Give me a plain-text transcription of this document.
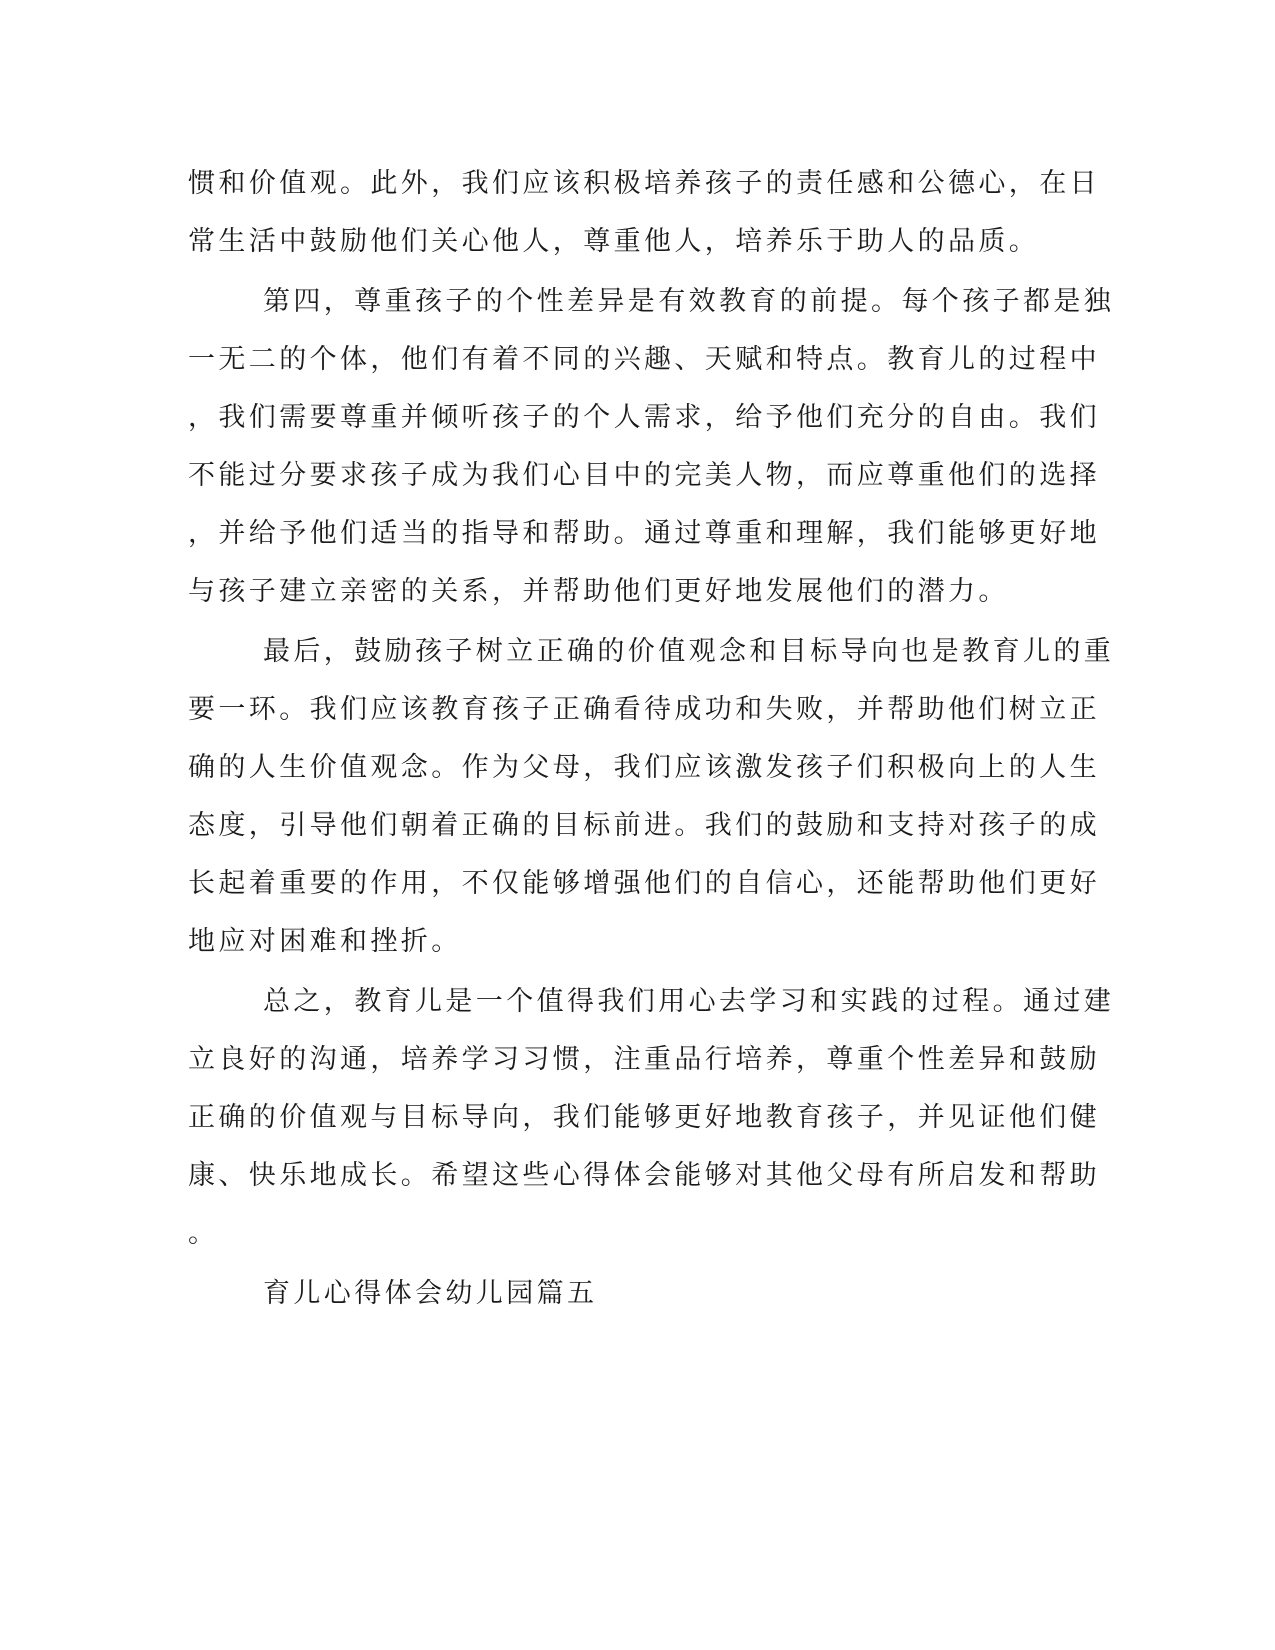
惯和价值观。此外，我们应该积极培养孩子的责任感和公德心，在日
常生活中鼓励他们关心他人，尊重他人，培养乐于助人的品质。
第四，尊重孩子的个性差异是有效教育的前提。每个孩子都是独
一无二的个体，他们有着不同的兴趣、天赋和特点。教育儿的过程中
，我们需要尊重并倾听孩子的个人需求，给予他们充分的自由。我们
不能过分要求孩子成为我们心目中的完美人物，而应尊重他们的选择
，并给予他们适当的指导和帮助。通过尊重和理解，我们能够更好地
与孩子建立亲密的关系，并帮助他们更好地发展他们的潜力。
最后，鼓励孩子树立正确的价值观念和目标导向也是教育儿的重
要一环。我们应该教育孩子正确看待成功和失败，并帮助他们树立正
确的人生价值观念。作为父母，我们应该激发孩子们积极向上的人生
态度，引导他们朝着正确的目标前进。我们的鼓励和支持对孩子的成
长起着重要的作用，不仅能够增强他们的自信心，还能帮助他们更好
地应对困难和挫折。
总之，教育儿是一个值得我们用心去学习和实践的过程。通过建
立良好的沟通，培养学习习惯，注重品行培养，尊重个性差异和鼓励
正确的价值观与目标导向，我们能够更好地教育孩子，并见证他们健
康、快乐地成长。希望这些心得体会能够对其他父母有所启发和帮助
。
育儿心得体会幼儿园篇五
